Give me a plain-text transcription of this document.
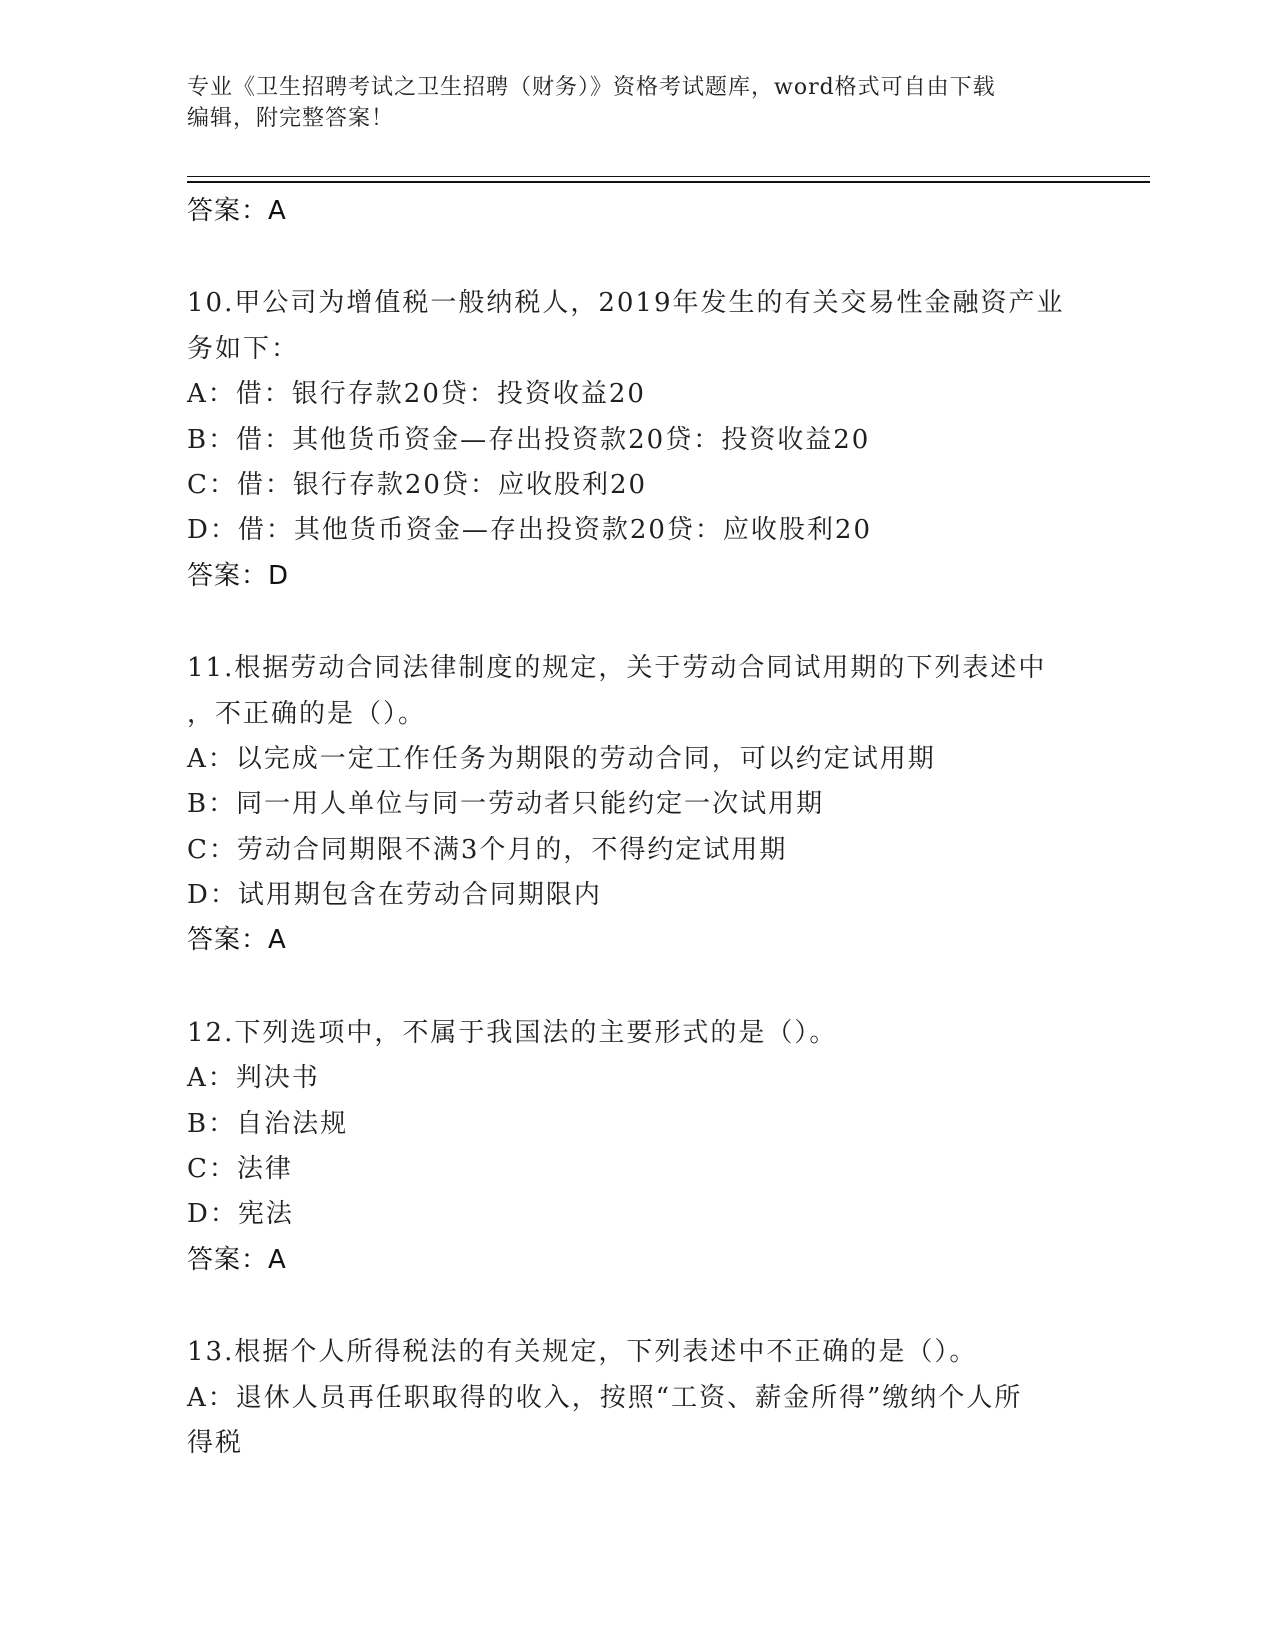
专业《卫生招聘考试之卫生招聘（财务）》资格考试题库，word格式可自由下载
编辑，附完整答案！
答案：A
10.甲公司为增值税一般纳税人，2019年发生的有关交易性金融资产业
务如下：
A：借：银行存款20贷：投资收益20
B：借：其他货币资金—存出投资款20贷：投资收益20
C：借：银行存款20贷：应收股利20
D：借：其他货币资金—存出投资款20贷：应收股利20
答案：D
11.根据劳动合同法律制度的规定，关于劳动合同试用期的下列表述中
，不正确的是（）。
A：以完成一定工作任务为期限的劳动合同，可以约定试用期
B：同一用人单位与同一劳动者只能约定一次试用期
C：劳动合同期限不满3个月的，不得约定试用期
D：试用期包含在劳动合同期限内
答案：A
12.下列选项中，不属于我国法的主要形式的是（）。
A：判决书
B：自治法规
C：法律
D：宪法
答案：A
13.根据个人所得税法的有关规定，下列表述中不正确的是（）。
A：退休人员再任职取得的收入，按照“工资、薪金所得”缴纳个人所
得税
